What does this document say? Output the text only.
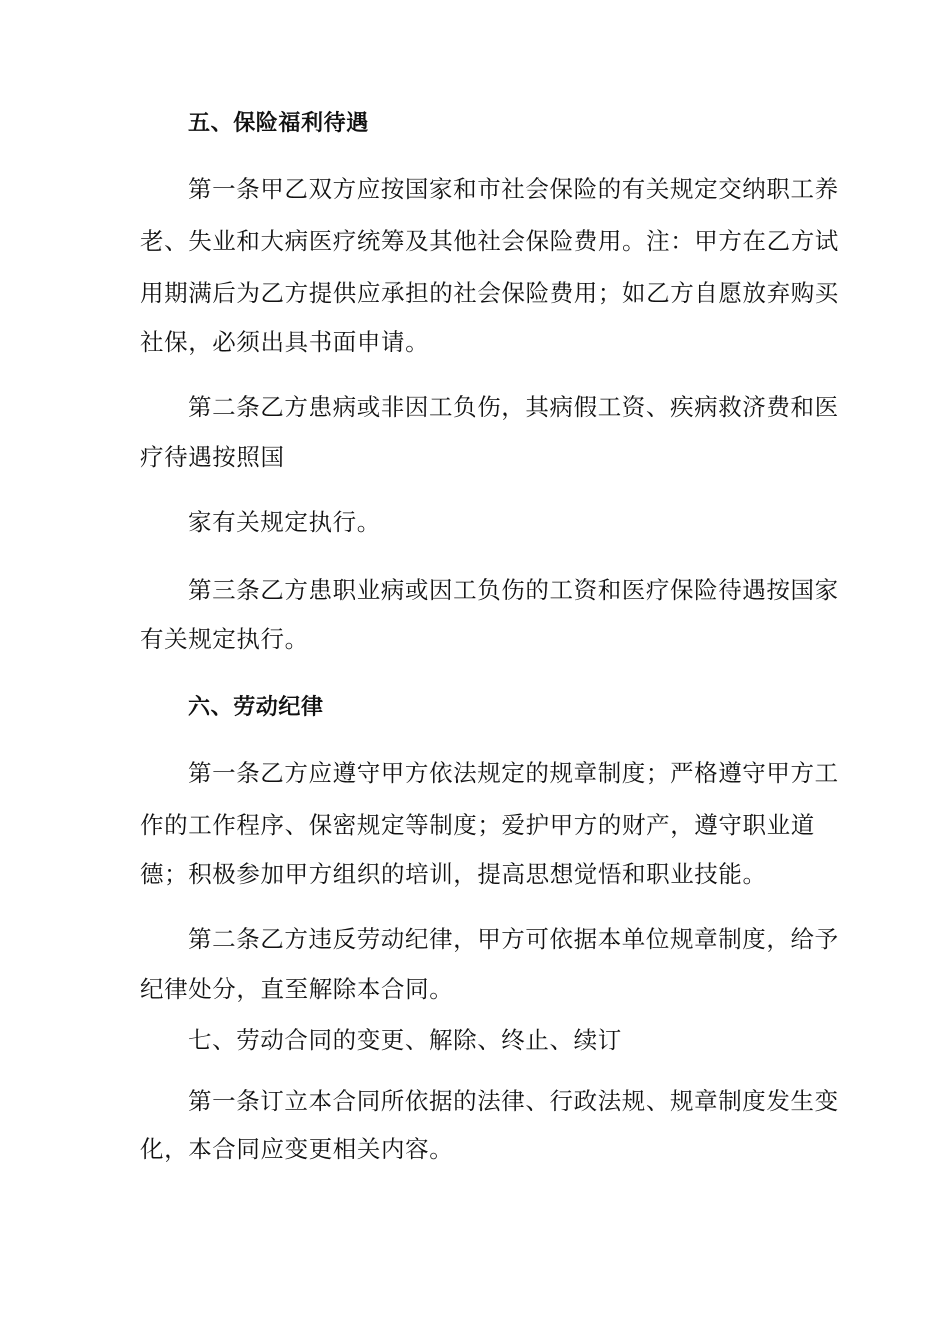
五、保险福利待遇
第一条甲乙双方应按国家和市社会保险的有关规定交纳职工养
老、失业和大病医疗统筹及其他社会保险费用。注：甲方在乙方试
用期满后为乙方提供应承担的社会保险费用；如乙方自愿放弃购买
社保，必须出具书面申请。
第二条乙方患病或非因工负伤，其病假工资、疾病救济费和医
疗待遇按照国
家有关规定执行。
第三条乙方患职业病或因工负伤的工资和医疗保险待遇按国家
有关规定执行。
六、劳动纪律
第一条乙方应遵守甲方依法规定的规章制度；严格遵守甲方工
作的工作程序、保密规定等制度；爱护甲方的财产，遵守职业道
德；积极参加甲方组织的培训，提高思想觉悟和职业技能。
第二条乙方违反劳动纪律，甲方可依据本单位规章制度，给予
纪律处分，直至解除本合同。
七、劳动合同的变更、解除、终止、续订
第一条订立本合同所依据的法律、行政法规、规章制度发生变
化，本合同应变更相关内容。
